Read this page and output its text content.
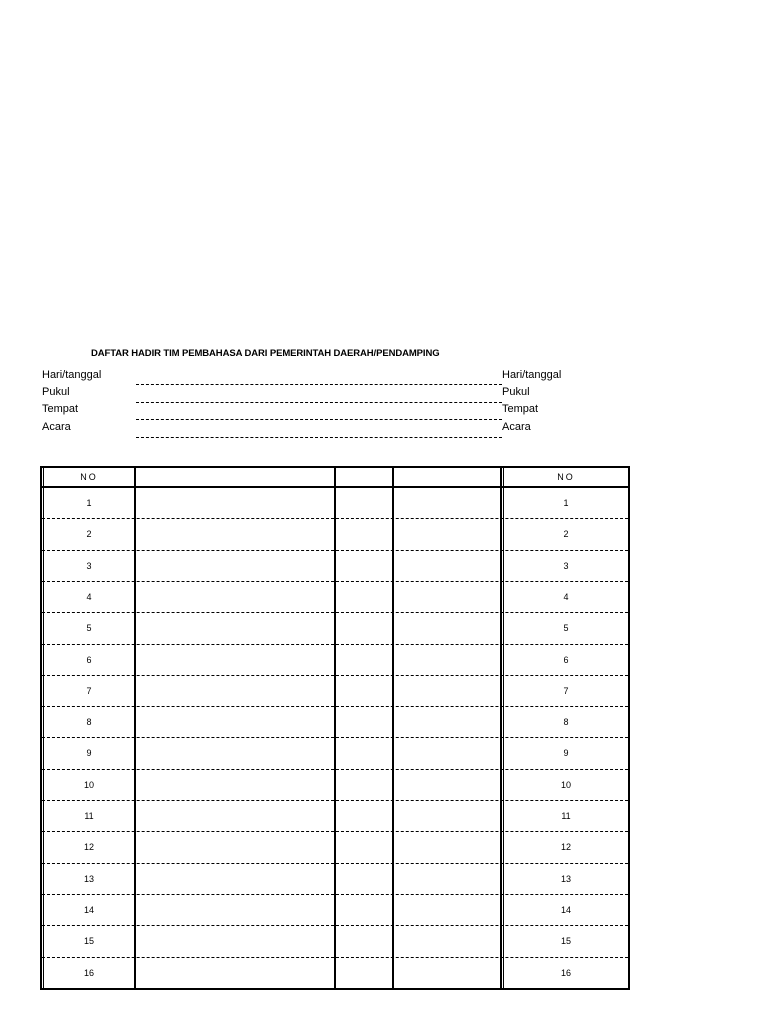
DAFTAR HADIR TIM PEMBAHASA DARI PEMERINTAH DAERAH/PENDAMPING
Hari/tanggal
Pukul
Tempat
Acara
Hari/tanggal
Pukul
Tempat
Acara
NO	NO
1	1
2	2
3	3
4	4
5	5
6	6
7	7
8	8
9	9
10	10
11	11
12	12
13	13
14	14
15	15
16	16
